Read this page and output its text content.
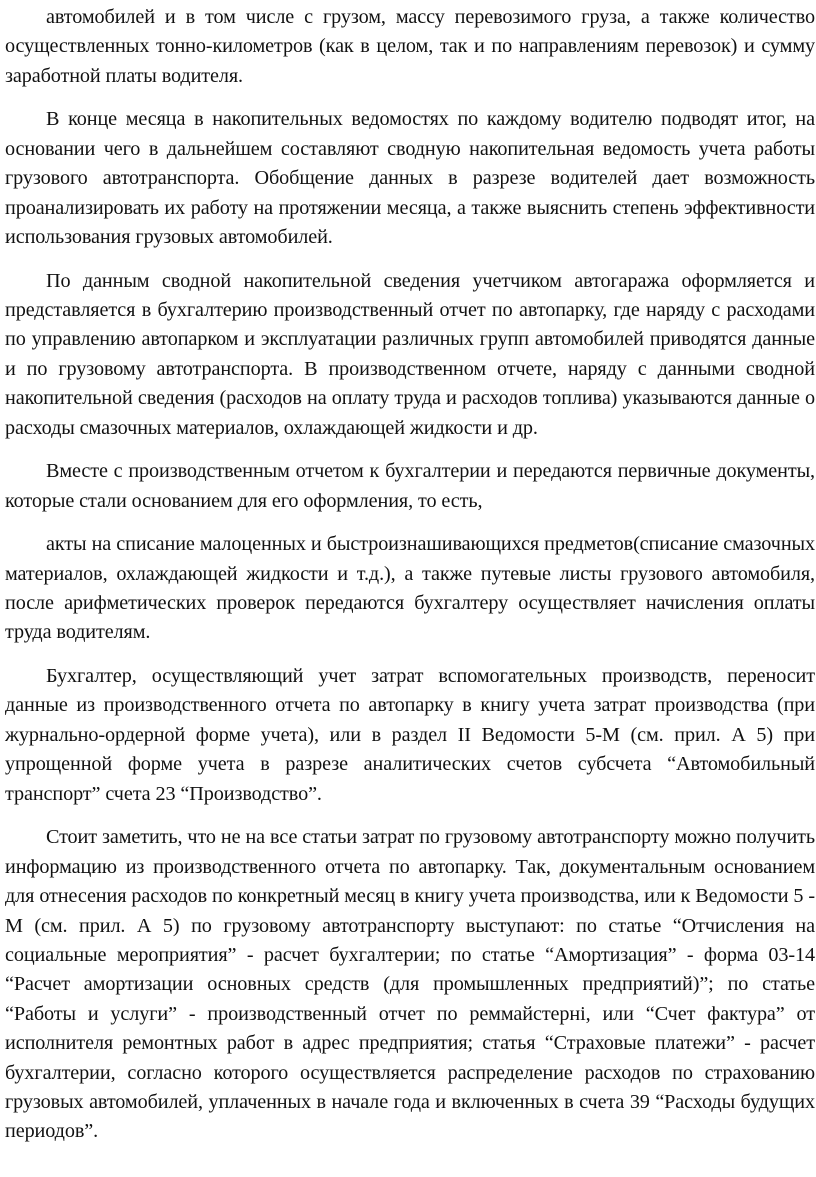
автомобилей и в том числе с грузом, массу перевозимого груза, а также количество осуществленных тонно-километров (как в целом, так и по направлениям перевозок) и сумму заработной платы водителя.

В конце месяца в накопительных ведомостях по каждому водителю подводят итог, на основании чего в дальнейшем составляют сводную накопительная ведомость учета работы грузового автотранспорта. Обобщение данных в разрезе водителей дает возможность проанализировать их работу на протяжении месяца, а также выяснить степень эффективности использования грузовых автомобилей.

По данным сводной накопительной сведения учетчиком автогаража оформляется и представляется в бухгалтерию производственный отчет по автопарку, где наряду с расходами по управлению автопарком и эксплуатации различных групп автомобилей приводятся данные и по грузовому автотранспорта. В производственном отчете, наряду с данными сводной накопительной сведения (расходов на оплату труда и расходов топлива) указываются данные о расходы смазочных материалов, охлаждающей жидкости и др.

Вместе с производственным отчетом к бухгалтерии и передаются первичные документы, которые стали основанием для его оформления, то есть,

акты на списание малоценных и быстроизнашивающихся предметов(списание смазочных материалов, охлаждающей жидкости и т.д.), а также путевые листы грузового автомобиля, после арифметических проверок передаются бухгалтеру осуществляет начисления оплаты труда водителям.

Бухгалтер, осуществляющий учет затрат вспомогательных производств, переносит данные из производственного отчета по автопарку в книгу учета затрат производства (при журнально-ордерной форме учета), или в раздел II Ведомости 5-М (см. прил. А 5) при упрощенной форме учета в разрезе аналитических счетов субсчета “Автомобильный транспорт” счета 23 “Производство”.

Стоит заметить, что не на все статьи затрат по грузовому автотранспорту можно получить информацию из производственного отчета по автопарку. Так, документальным основанием для отнесения расходов по конкретный месяц в книгу учета производства, или к Ведомости 5 - М (см. прил. А 5) по грузовому автотранспорту выступают: по статье “Отчисления на социальные мероприятия” - расчет бухгалтерии; по статье “Амортизация” - форма 03-14 “Расчет амортизации основных средств (для промышленных предприятий)”; по статье “Работы и услуги” - производственный отчет по реммайстерні, или “Счет фактура” от исполнителя ремонтных работ в адрес предприятия; статья “Страховые платежи” - расчет бухгалтерии, согласно которого осуществляется распределение расходов по страхованию грузовых автомобилей, уплаченных в начале года и включенных в счета 39 “Расходы будущих периодов”.
